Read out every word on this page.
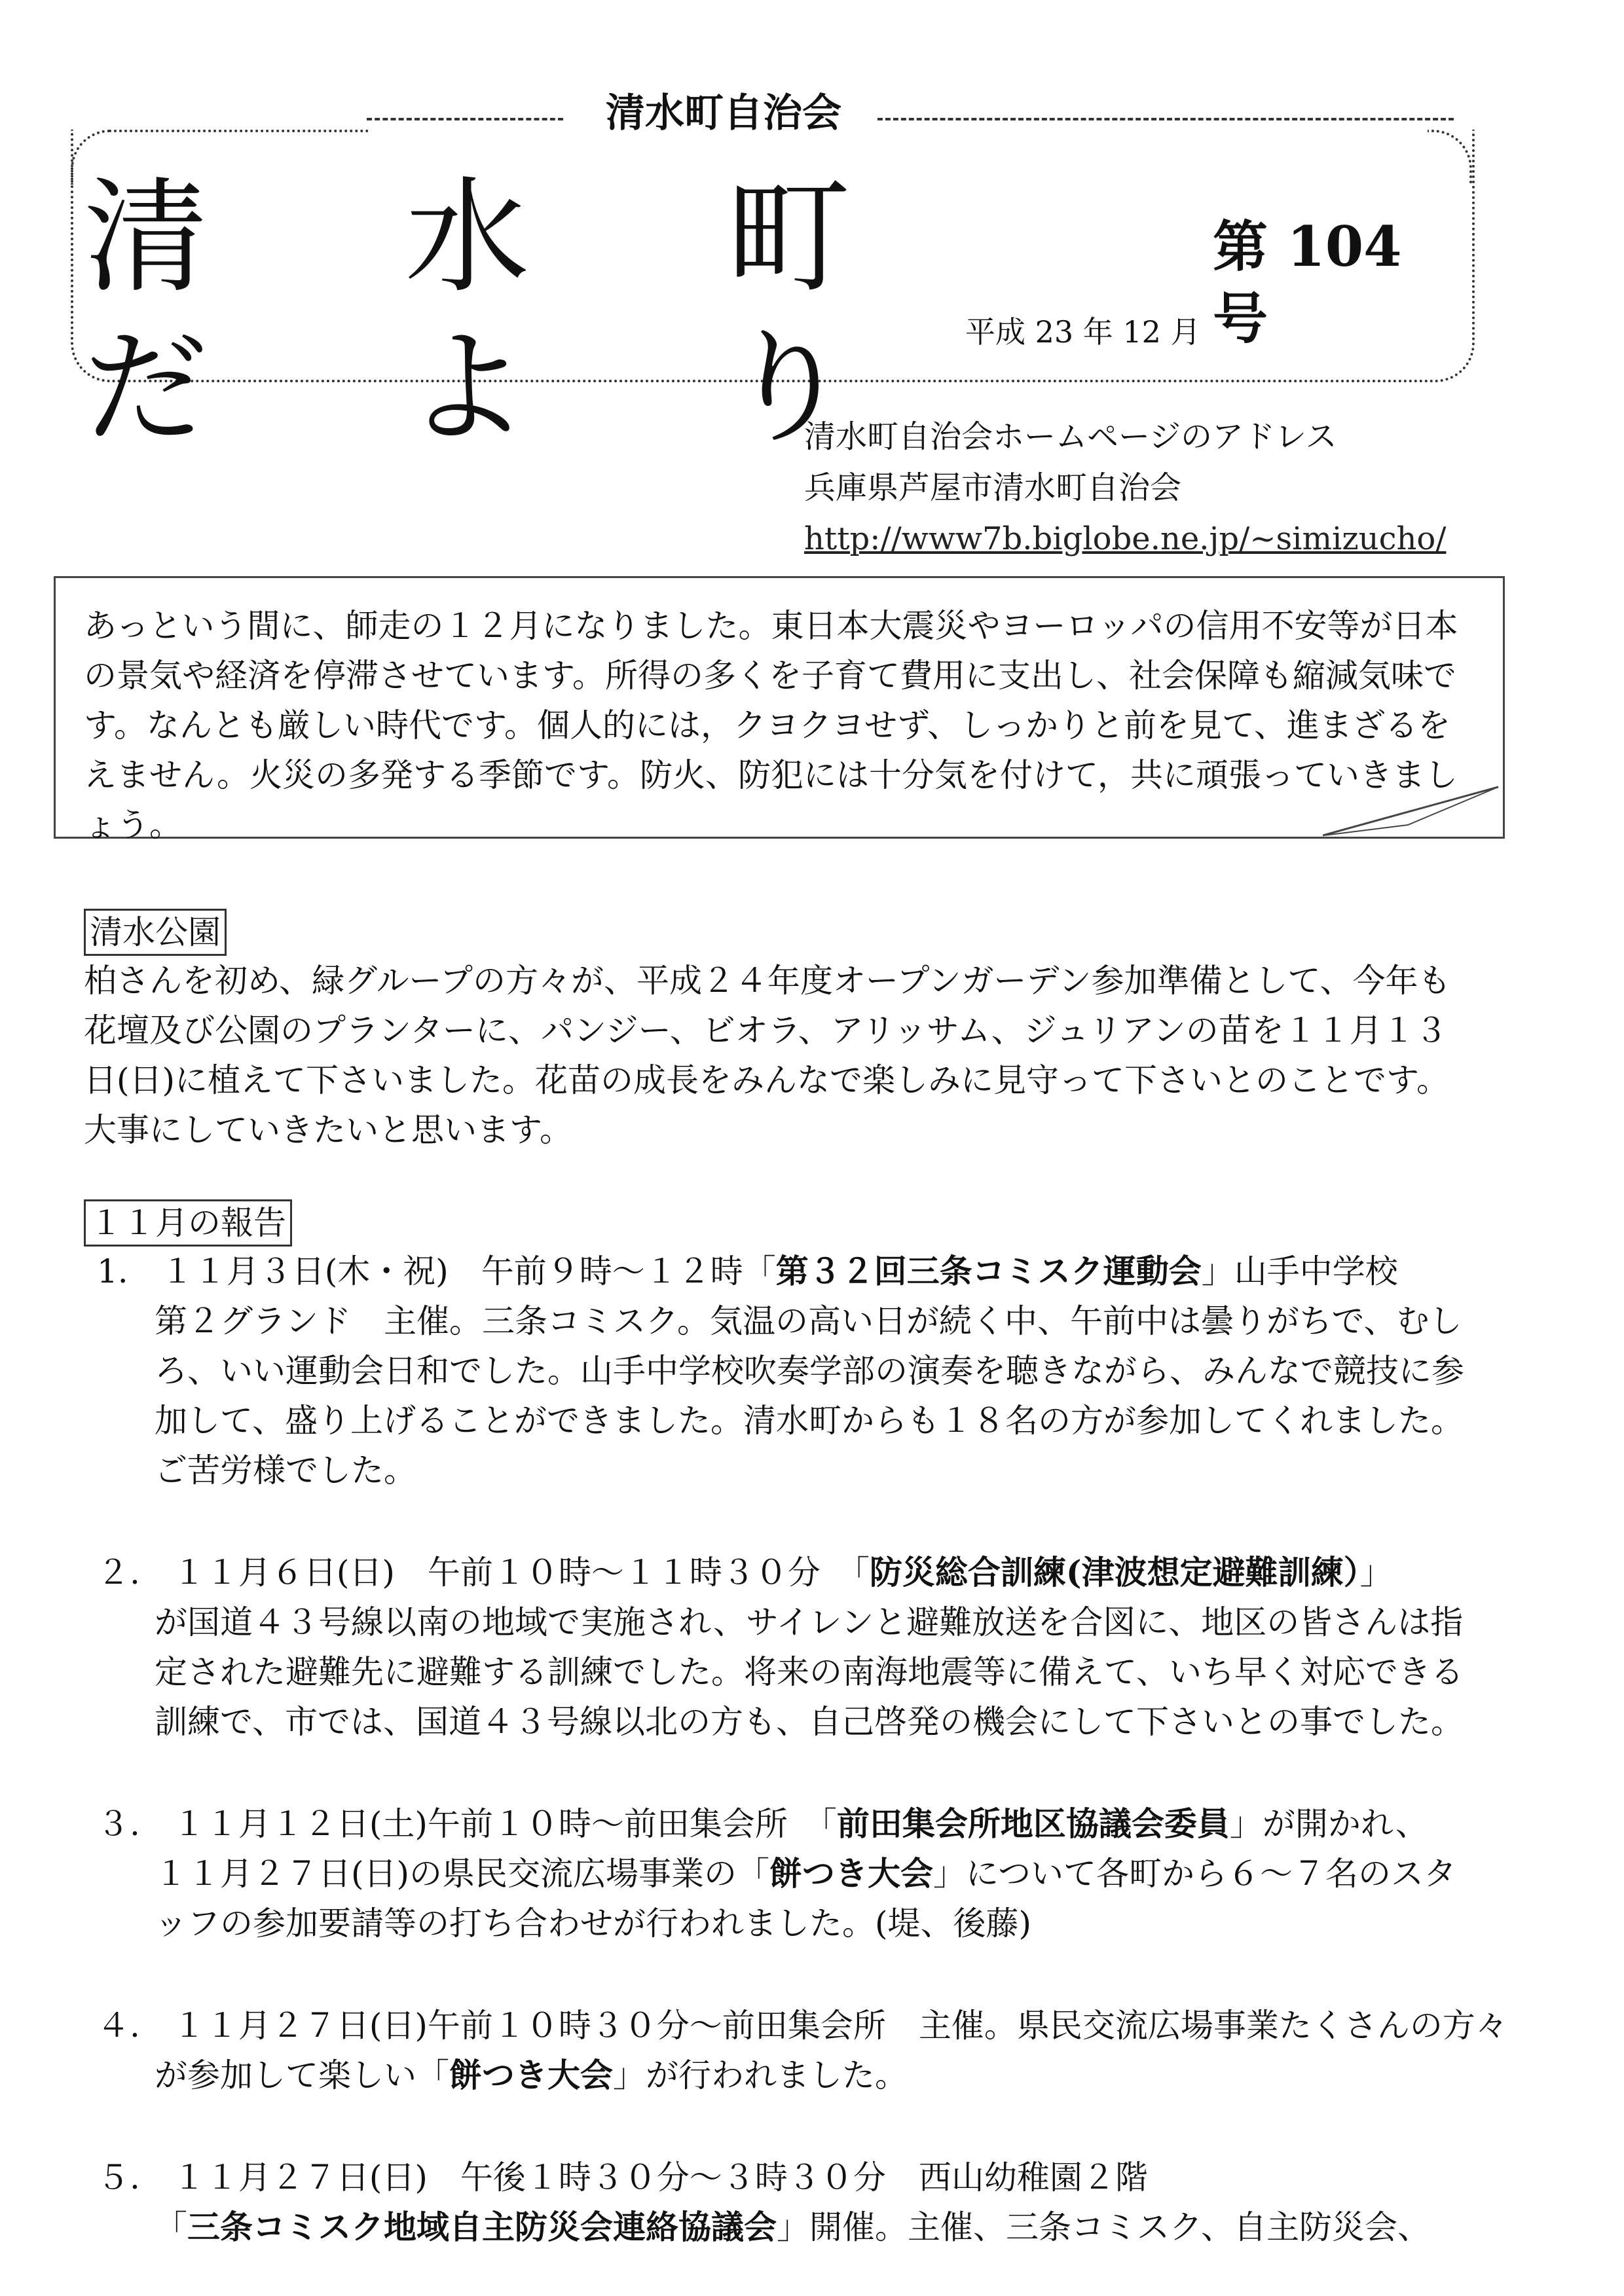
清水町自治会
清 水 町 だ よ り
第 104 号
平成 23 年 12 月
清水町自治会ホームページのアドレス
兵庫県芦屋市清水町自治会
http://www7b.biglobe.ne.jp/~simizucho/
あっという間に、師走の１２月になりました。東日本大震災やヨーロッパの信用不安等が日本の景気や経済を停滞させています。所得の多くを子育て費用に支出し、社会保障も縮減気味です。なんとも厳しい時代です。個人的には，クヨクヨせず、しっかりと前を見て、進まざるをえません。火災の多発する季節です。防火、防犯には十分気を付けて，共に頑張っていきましょう。
清水公園
柏さんを初め、緑グループの方々が、平成２４年度オープンガーデン参加準備として、今年も花壇及び公園のプランターに、パンジー、ビオラ、アリッサム、ジュリアンの苗を１１月１３日(日)に植えて下さいました。花苗の成長をみんなで楽しみに見守って下さいとのことです。大事にしていきたいと思います。
１１月の報告
1.　 １１月３日(木・祝)　午前９時～１２時「第３２回三条コミスク運動会」山手中学校
第２グランド　主催。三条コミスク。気温の高い日が続く中、午前中は曇りがちで、むしろ、いい運動会日和でした。山手中学校吹奏学部の演奏を聴きながら、みんなで競技に参加して、盛り上げることができました。清水町からも１８名の方が参加してくれました。ご苦労様でした。
２.　 １１月６日(日)　午前１０時～１１時３０分　「防災総合訓練(津波想定避難訓練）」
が国道４３号線以南の地域で実施され、サイレンと避難放送を合図に、地区の皆さんは指定された避難先に避難する訓練でした。将来の南海地震等に備えて、いち早く対応できる訓練で、市では、国道４３号線以北の方も、自己啓発の機会にして下さいとの事でした。
３.　 １１月１２日(土)午前１０時～前田集会所　「前田集会所地区協議会委員」が開かれ、
１１月２７日(日)の県民交流広場事業の「餅つき大会」について各町から６～７名のスタッフの参加要請等の打ち合わせが行われました。(堤、後藤)
４.　 １１月２７日(日)午前１０時３０分～前田集会所　主催。県民交流広場事業たくさんの方々
が参加して楽しい「餅つき大会」が行われました。
５.　 １１月２７日(日)　午後１時３０分～３時３０分　西山幼稚園２階
「三条コミスク地域自主防災会連絡協議会」開催。主催、三条コミスク、自主防災会、
